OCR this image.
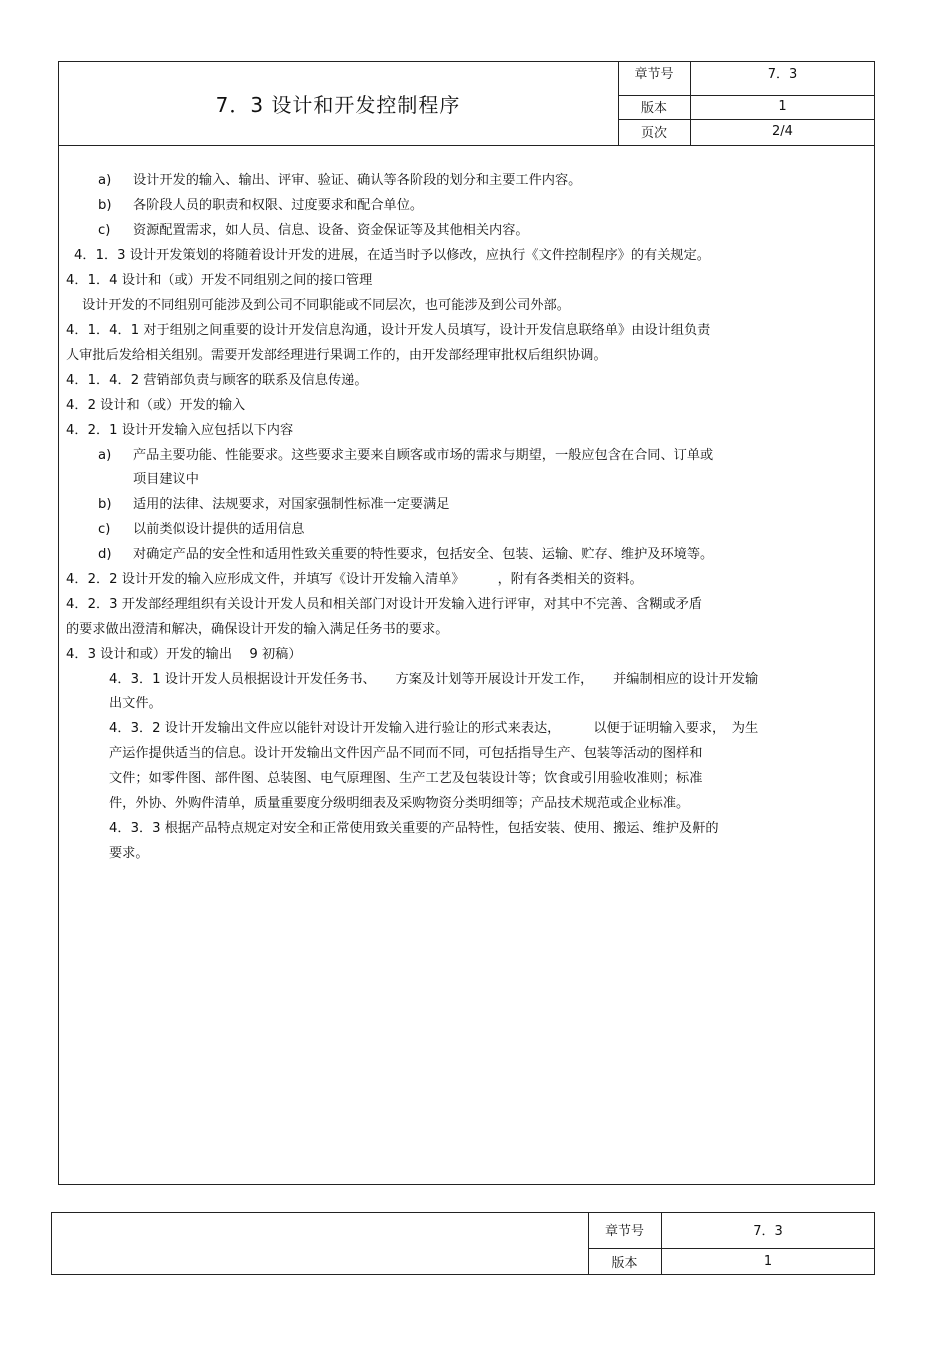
7．3 设计和开发控制程序
章节号	7．3
版本	1
页次	2/4
a) 设计开发的输入、输出、评审、验证、确认等各阶段的划分和主要工件内容。
b) 各阶段人员的职责和权限、过度要求和配合单位。
c) 资源配置需求，如人员、信息、设备、资金保证等及其他相关内容。
4．1．3 设计开发策划的将随着设计开发的进展，在适当时予以修改，应执行《文件控制程序》的有关规定。
4．1．4 设计和（或）开发不同组别之间的接口管理
设计开发的不同组别可能涉及到公司不同职能或不同层次，也可能涉及到公司外部。
4．1．4．1 对于组别之间重要的设计开发信息沟通，设计开发人员填写，设计开发信息联络单》由设计组负责
人审批后发给相关组别。需要开发部经理进行果调工作的，由开发部经理审批权后组织协调。
4．1．4．2 营销部负责与顾客的联系及信息传递。
4．2 设计和（或）开发的输入
4．2．1 设计开发输入应包括以下内容
a) 产品主要功能、性能要求。这些要求主要来自顾客或市场的需求与期望，一般应包含在合同、订单或
项目建议中
b) 适用的法律、法规要求，对国家强制性标准一定要满足
c) 以前类似设计提供的适用信息
d) 对确定产品的安全性和适用性致关重要的特性要求，包括安全、包装、运输、贮存、维护及环境等。
4．2．2 设计开发的输入应形成文件，并填写《设计开发输入清单》　　　，附有各类相关的资料。
4．2．3 开发部经理组织有关设计开发人员和相关部门对设计开发输入进行评审，对其中不完善、含糊或矛盾
的要求做出澄清和解决，确保设计开发的输入满足任务书的要求。
4．3 设计和或）开发的输出　 9 初稿）
4．3．1 设计开发人员根据设计开发任务书、　　方案及计划等开展设计开发工作，　　并编制相应的设计开发输
出文件。
4．3．2 设计开发输出文件应以能针对设计开发输入进行验让的形式来表达，　　　以便于证明输入要求，　为生
产运作提供适当的信息。设计开发输出文件因产品不同而不同，可包括指导生产、包装等活动的图样和
文件；如零件图、部件图、总装图、电气原理图、生产工艺及包装设计等；饮食或引用验收准则；标准
件，外协、外购件清单，质量重要度分级明细表及采购物资分类明细等；产品技术规范或企业标准。
4．3．3 根据产品特点规定对安全和正常使用致关重要的产品特性，包括安装、使用、搬运、维护及鼾的
要求。
章节号	7．3
版本	1
